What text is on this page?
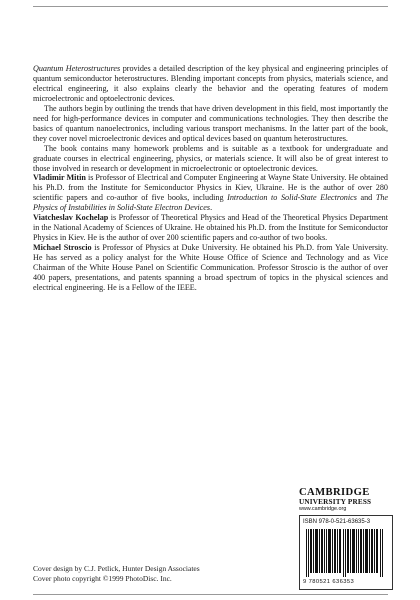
Quantum Heterostructures provides a detailed description of the key physical and engineering principles of quantum semiconductor heterostructures. Blending important concepts from physics, materials science, and electrical engineering, it also explains clearly the behavior and the operating features of modern microelectronic and optoelectronic devices.

The authors begin by outlining the trends that have driven development in this field, most importantly the need for high-performance devices in computer and communications technologies. They then describe the basics of quantum nanoelectronics, including various transport mechanisms. In the latter part of the book, they cover novel microelectronic devices and optical devices based on quantum heterostructures.

The book contains many homework problems and is suitable as a textbook for undergraduate and graduate courses in electrical engineering, physics, or materials science. It will also be of great interest to those involved in research or development in microelectronic or optoelectronic devices.

Vladimir Mitin is Professor of Electrical and Computer Engineering at Wayne State University. He obtained his Ph.D. from the Institute for Semiconductor Physics in Kiev, Ukraine. He is the author of over 280 scientific papers and co-author of five books, including Introduction to Solid-State Electronics and The Physics of Instabilities in Solid-State Electron Devices.

Viatcheslav Kochelap is Professor of Theoretical Physics and Head of the Theoretical Physics Department in the National Academy of Sciences of Ukraine. He obtained his Ph.D. from the Institute for Semiconductor Physics in Kiev. He is the author of over 200 scientific papers and co-author of two books.

Michael Stroscio is Professor of Physics at Duke University. He obtained his Ph.D. from Yale University. He has served as a policy analyst for the White House Office of Science and Technology and as Vice Chairman of the White House Panel on Scientific Communication. Professor Stroscio is the author of over 400 papers, presentations, and patents spanning a broad spectrum of topics in the physical sciences and electrical engineering. He is a Fellow of the IEEE.

CAMBRIDGE
UNIVERSITY PRESS
www.cambridge.org
ISBN 978-0-521-63635-3
9 780521 636353
Cover design by C.J. Petlick, Hunter Design Associates
Cover photo copyright ©1999 PhotoDisc. Inc.
